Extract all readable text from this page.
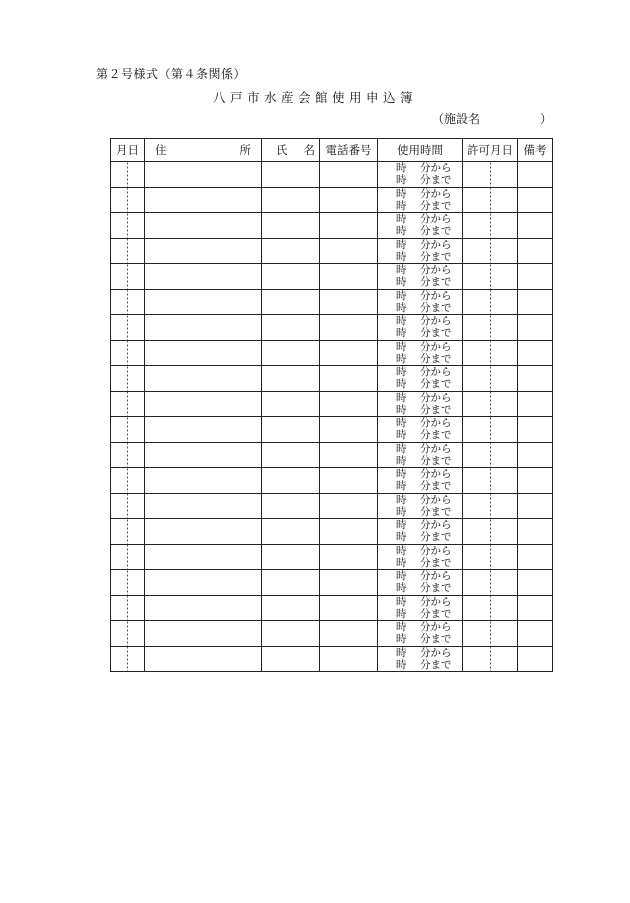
第２号様式（第４条関係）
八戸市水産会館使用申込簿
（施設名	）
月日	住 所	氏 名	電話番号	使用時間	許可月日	備考

				時 分から
時 分まで		

				時 分から
時 分まで		

				時 分から
時 分まで		

				時 分から
時 分まで		

				時 分から
時 分まで		

				時 分から
時 分まで		

				時 分から
時 分まで		

				時 分から
時 分まで		

				時 分から
時 分まで		

				時 分から
時 分まで		

				時 分から
時 分まで		

				時 分から
時 分まで		

				時 分から
時 分まで		

				時 分から
時 分まで		

				時 分から
時 分まで		

				時 分から
時 分まで		

				時 分から
時 分まで		

				時 分から
時 分まで		

				時 分から
時 分まで		

				時 分から
時 分まで		
